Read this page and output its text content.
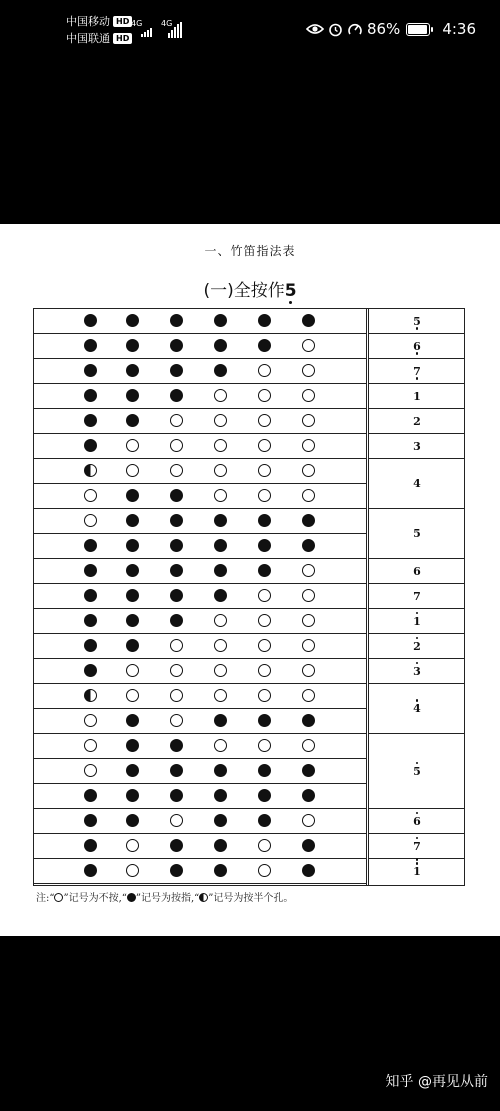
中国移动 HD
中国联通 HD
4G 4G	86%	4:36
一、竹笛指法表
(一)全按作5
5
6
7
1
2
3
4
5
6
7
1
2
3
4
5
6
7
1
注:“ ”记号为不按,“ ”记号为按指,“ ”记号为按半个孔。
知乎 @再见从前
